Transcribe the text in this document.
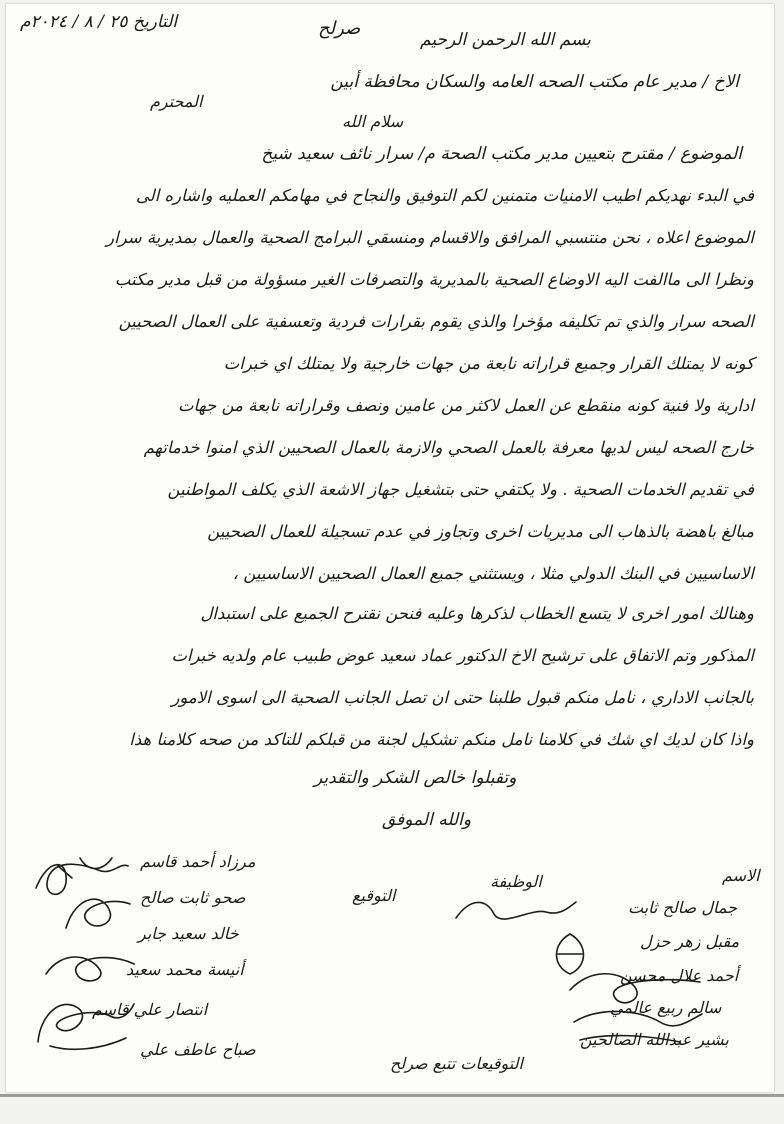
بسم الله الرحمن الرحيم
صرلح
التاريخ ٢٥ / ٨ / ٢٠٢٤م
الاخ / مدير عام مكتب الصحه العامه والسكان محافظة أبين
المحترم
سلام الله
الموضوع / مقترح بتعيين مدير مكتب الصحة م/ سرار نائف سعيد شيخ
في البدء نهديكم اطيب الامنيات متمنين لكم التوفيق والنجاح في مهامكم العمليه واشاره الى
الموضوع اعلاه ، نحن منتسبي المرافق والاقسام ومنسقي البرامج الصحية والعمال بمديرية سرار
ونظرا الى ماالفت اليه الاوضاع الصحية بالمديرية والتصرفات الغير مسؤولة من قبل مدير مكتب
الصحه سرار والذي تم تكليفه مؤخرا والذي يقوم بقرارات فردية وتعسفية على العمال الصحيين
كونه لا يمتلك القرار وجميع قراراته نابعة من جهات خارجية ولا يمتلك اي خبرات
ادارية ولا فنية كونه منقطع عن العمل لاكثر من عامين ونصف وقراراته نابعة من جهات
خارج الصحه ليس لديها معرفة بالعمل الصحي والازمة بالعمال الصحيين الذي امنوا خدماتهم
في تقديم الخدمات الصحية . ولا يكتفي حتى بتشغيل جهاز الاشعة الذي يكلف المواطنين
مبالغ باهضة بالذهاب الى مديريات اخرى وتجاوز في عدم تسجيلة للعمال الصحيين
الاساسيين في البنك الدولي مثلا ، ويستثني جميع العمال الصحيين الاساسيين ،
وهنالك امور اخرى لا يتسع الخطاب لذكرها وعليه فنحن نقترح الجميع على استبدال
المذكور وتم الاتفاق على ترشيح الاخ الدكتور عماد سعيد عوض طبيب عام ولديه خبرات
بالجانب الاداري ، نامل منكم قبول طلبنا حتى ان تصل الجانب الصحية الى اسوى الامور
واذا كان لديك اي شك في كلامنا نامل منكم تشكيل لجنة من قبلكم للتاكد من صحه كلامنا هذا
وتقبلوا خالص الشكر والتقدير
والله الموفق
الاسم
الوظيفة
التوقيع
جمال صالح ثابت
مقبل زهر حزل
أحمد علال محسن
سالم ربيع عالمي
بشير عبدالله الصالحين
مرزاد أحمد قاسم
صحو ثابت صالح
خالد سعيد جابر
أنيسة محمد سعيد
انتصار علي قاسم
صباح عاطف علي
التوقيعات تتبع صرلح
